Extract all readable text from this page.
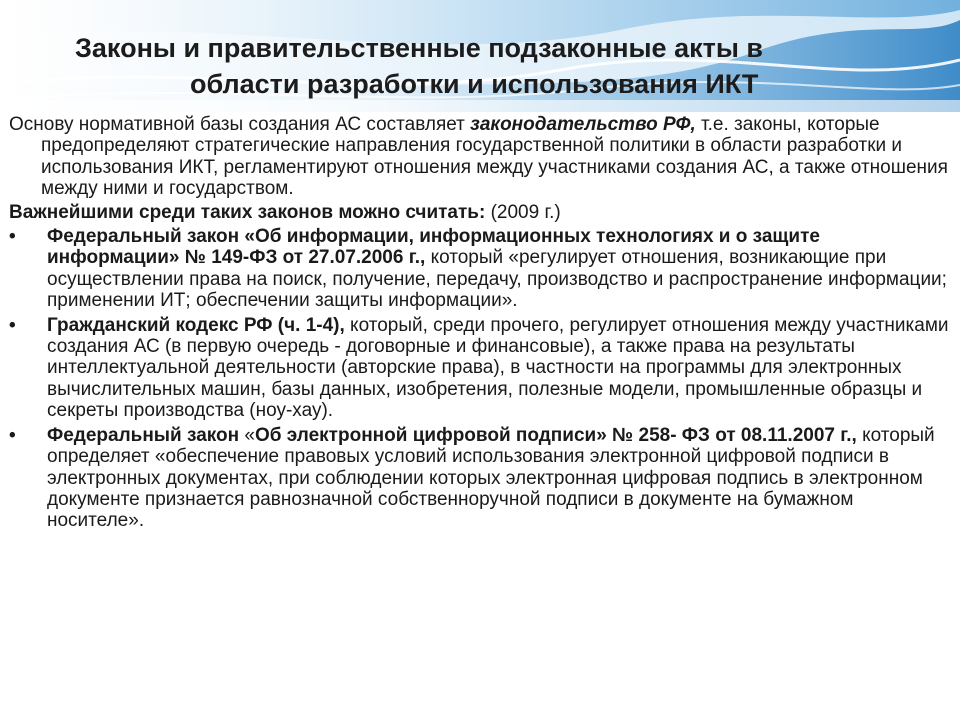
Законы и правительственные подзаконные акты в
области разработки и использования ИКТ

Основу нормативной базы создания АС составляет законодательство РФ, т.е. законы, которые предопределяют стратегические направления государственной политики в области разработки и использования ИКТ, регламентируют отношения между участниками создания АС, а также отношения между ними и государством.

Важнейшими среди таких законов можно считать: (2009 г.)

•	Федеральный закон «Об информации, информационных технологиях и о защите информации» № 149-ФЗ от 27.07.2006 г., который «регулирует отношения, возникающие при осуществлении права на поиск, получение, передачу, производство и распространение информации; применении ИТ; обеспечении защиты информации».
•	Гражданский кодекс РФ (ч. 1-4), который, среди прочего, регулирует отношения между участниками создания АС (в первую очередь - договорные и финансовые), а также права на результаты интеллектуальной деятельности (авторские права), в частности на программы для электронных вычислительных машин, базы данных, изобретения, полезные модели, промышленные образцы и секреты производства (ноу-хау).
•	Федеральный закон «Об электронной цифровой подписи» № 258- ФЗ от 08.11.2007 г., который определяет «обеспечение правовых условий использования электронной цифровой подписи в электронных документах, при соблюдении которых электронная цифровая подпись в электронном документе признается равнозначной собственноручной подписи в документе на бумажном носителе».
